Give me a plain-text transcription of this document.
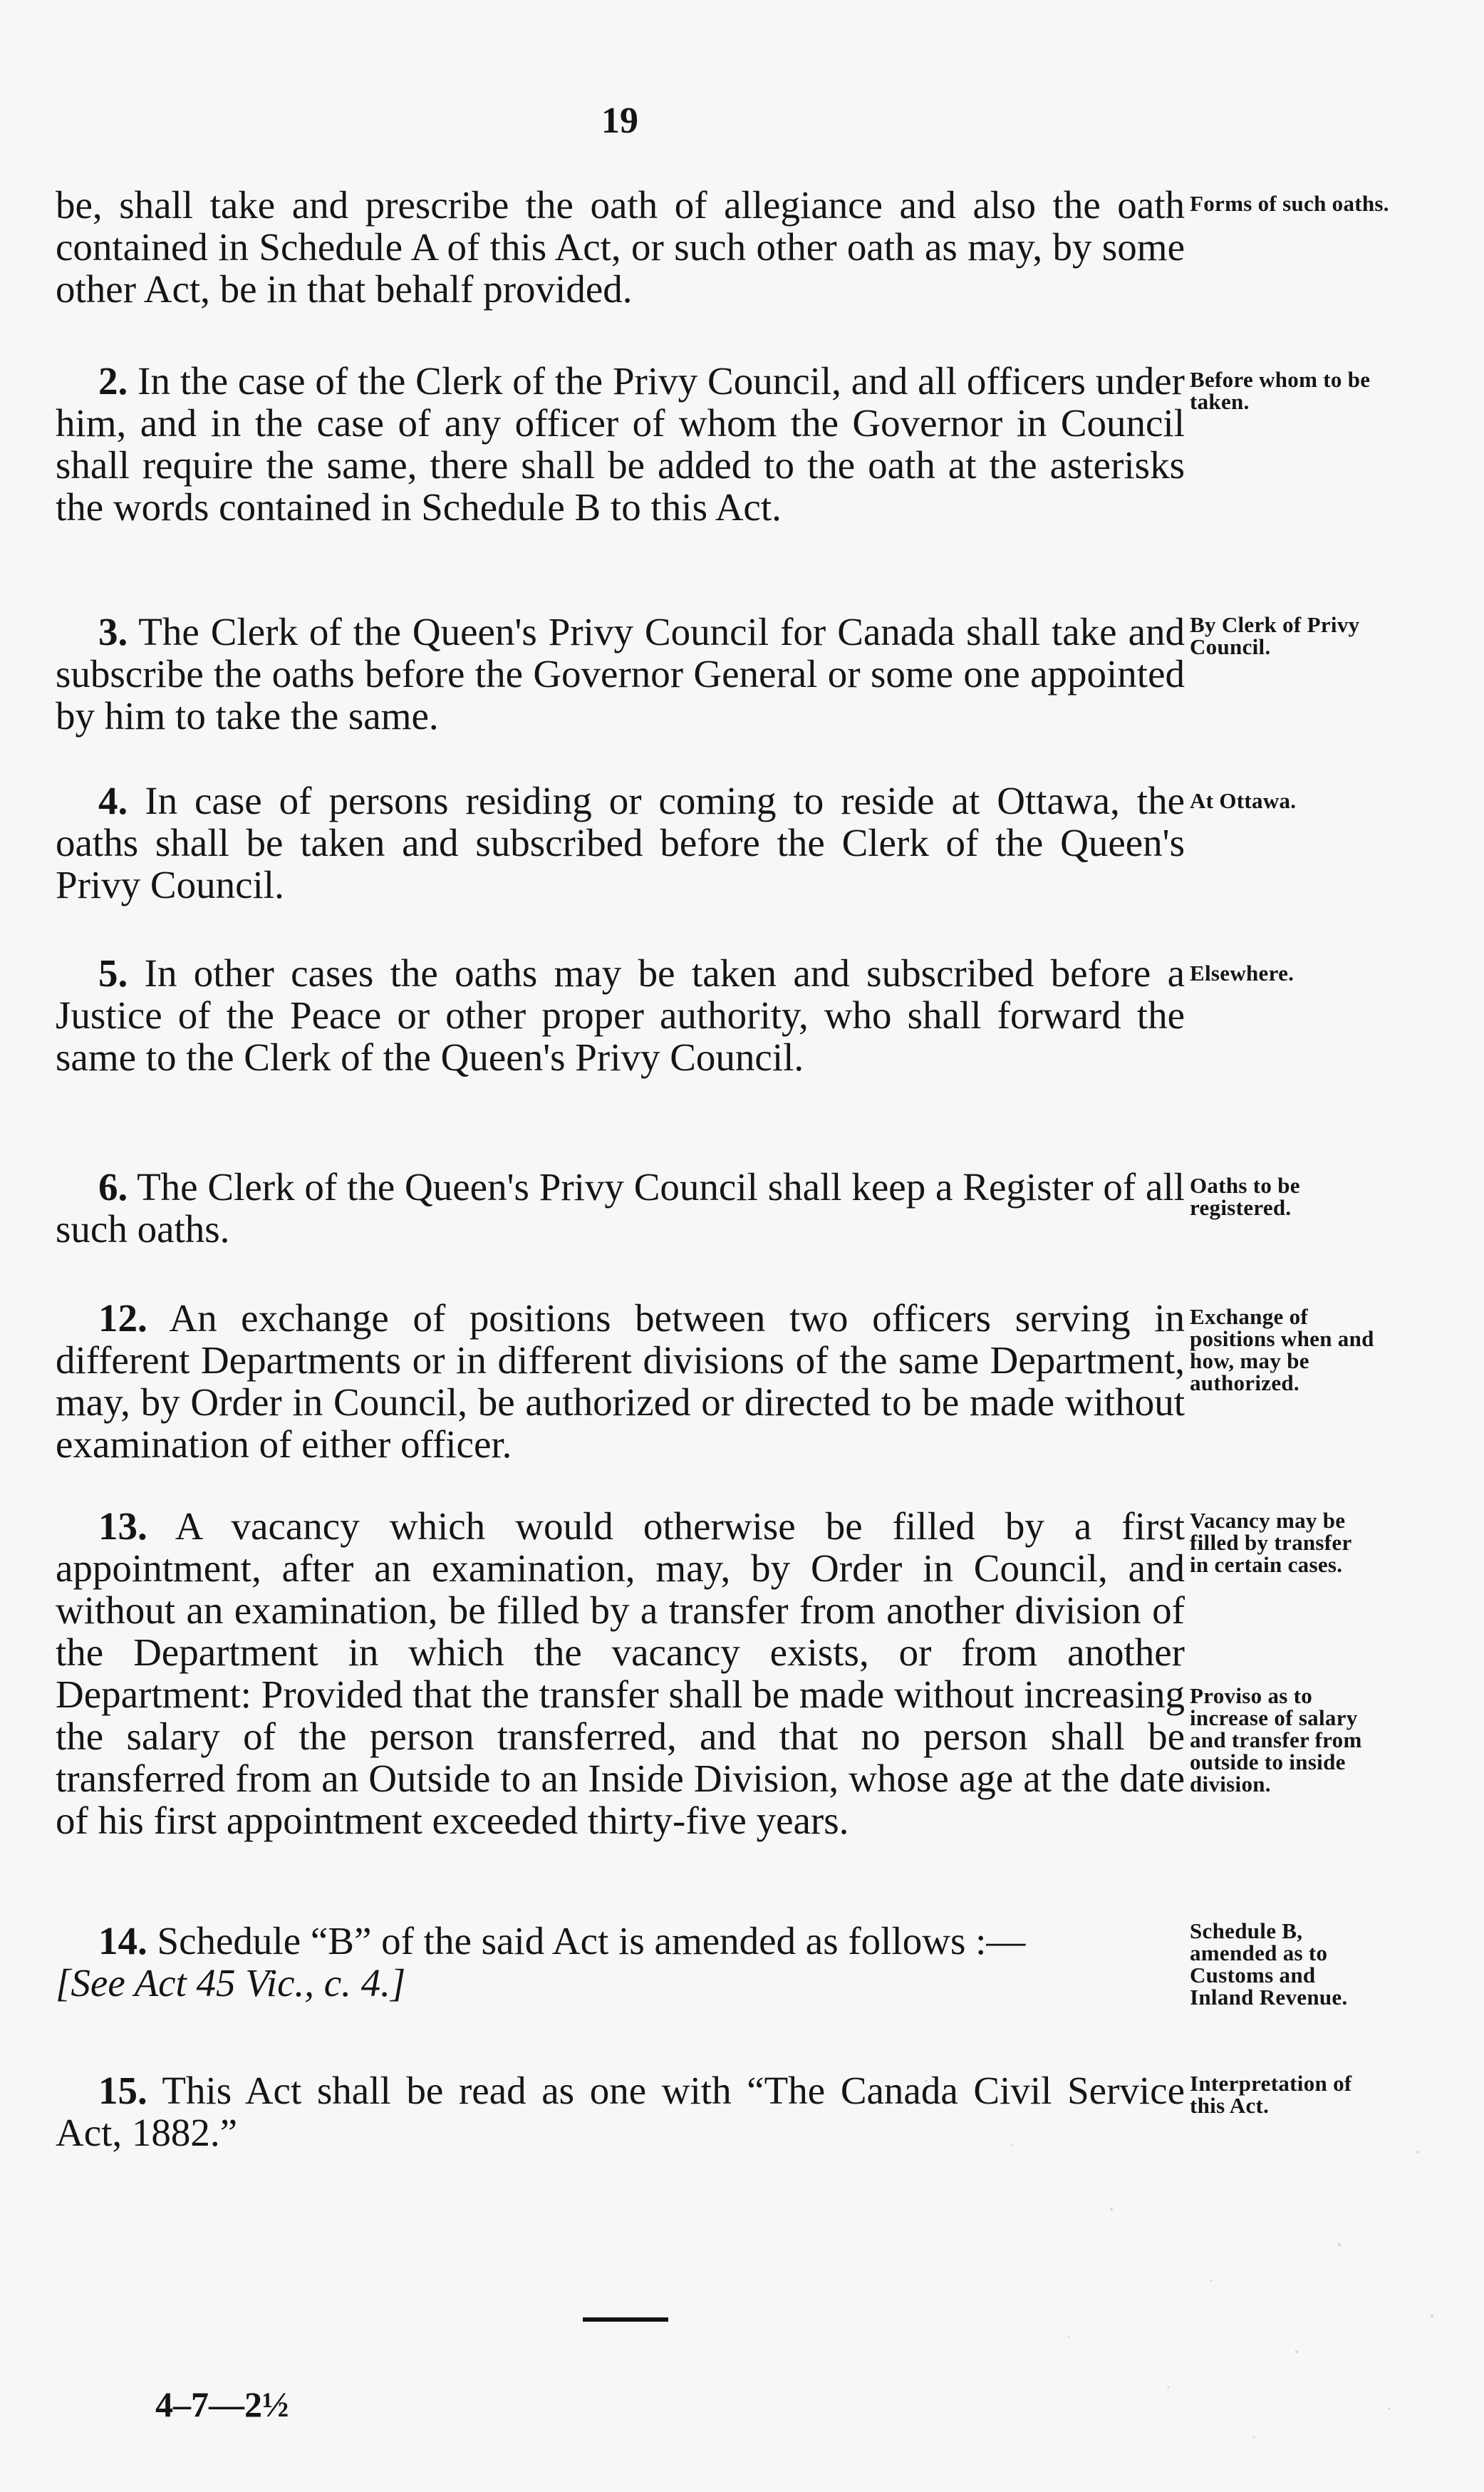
19

be, shall take and prescribe the oath of allegiance and also the oath contained in Schedule A of this Act, or such other oath as may, by some other Act, be in that behalf provided.

Forms of such oaths.

2. In the case of the Clerk of the Privy Council, and all officers under him, and in the case of any officer of whom the Governor in Council shall require the same, there shall be added to the oath at the asterisks the words contained in Schedule B to this Act.

Before whom to be taken.

3. The Clerk of the Queen's Privy Council for Canada shall take and subscribe the oaths before the Governor General or some one appointed by him to take the same.

By Clerk of Privy Council.

4. In case of persons residing or coming to reside at Ottawa, the oaths shall be taken and subscribed before the Clerk of the Queen's Privy Council.

At Ottawa.

5. In other cases the oaths may be taken and subscribed before a Justice of the Peace or other proper authority, who shall forward the same to the Clerk of the Queen's Privy Council.

Elsewhere.

6. The Clerk of the Queen's Privy Council shall keep a Register of all such oaths.

Oaths to be registered.

12. An exchange of positions between two officers serving in different Departments or in different divisions of the same Department, may, by Order in Council, be authorized or directed to be made without examination of either officer.

Exchange of positions when and how, may be authorized.

13. A vacancy which would otherwise be filled by a first appointment, after an examination, may, by Order in Council, and without an examination, be filled by a transfer from another division of the Department in which the vacancy exists, or from another Department: Provided that the transfer shall be made without increasing the salary of the person transferred, and that no person shall be transferred from an Outside to an Inside Division, whose age at the date of his first appointment exceeded thirty-five years.

Vacancy may be filled by transfer in certain cases.
Proviso as to increase of salary and transfer from outside to inside division.

14. Schedule “B” of the said Act is amended as follows :—

[See Act 45 Vic., c. 4.]

Schedule B, amended as to Customs and Inland Revenue.

15. This Act shall be read as one with “The Canada Civil Service Act, 1882.”

Interpretation of this Act.
4–7—2½
